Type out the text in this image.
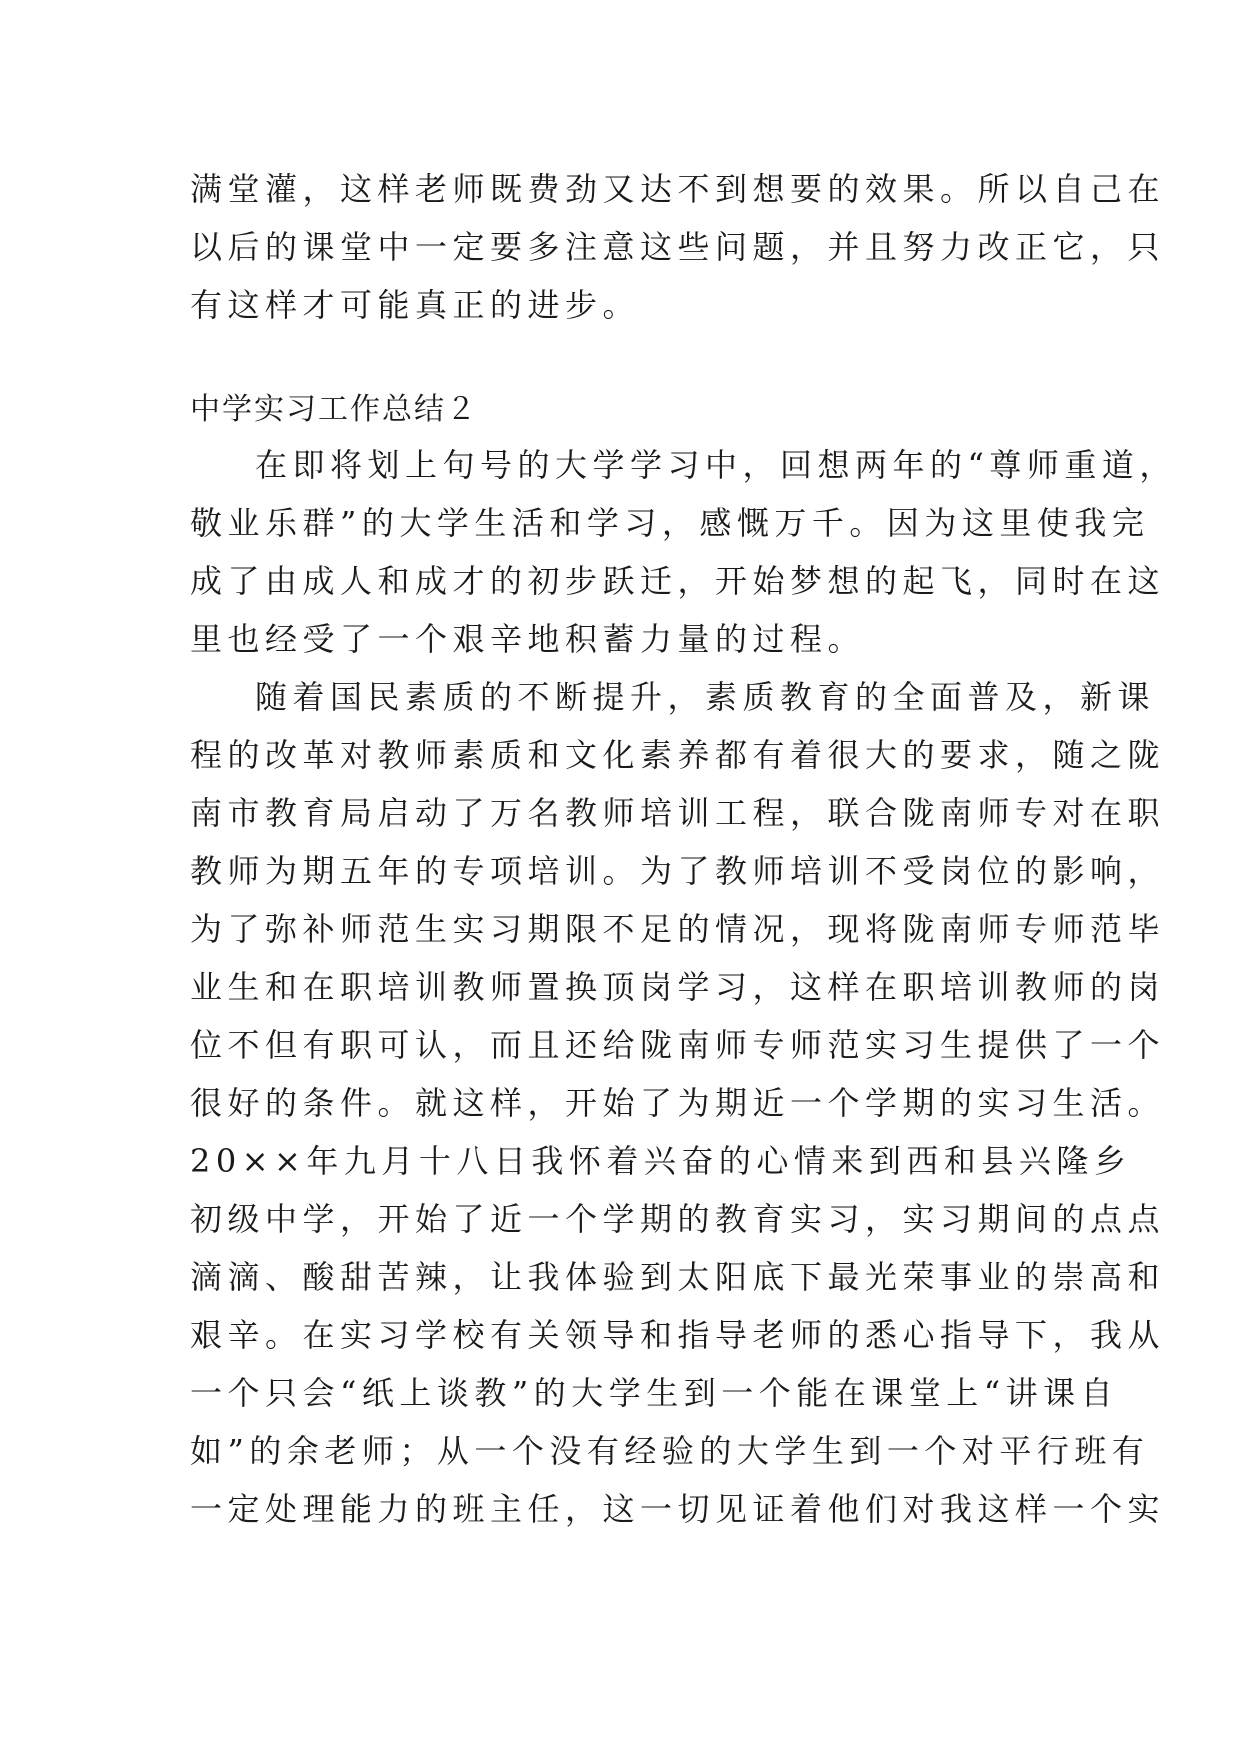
满堂灌，这样老师既费劲又达不到想要的效果。所以自己在
以后的课堂中一定要多注意这些问题，并且努力改正它，只
有这样才可能真正的进步。
中学实习工作总结２
在即将划上句号的大学学习中，回想两年的“尊师重道，
敬业乐群”的大学生活和学习，感慨万千。因为这里使我完
成了由成人和成才的初步跃迁，开始梦想的起飞，同时在这
里也经受了一个艰辛地积蓄力量的过程。
随着国民素质的不断提升，素质教育的全面普及，新课
程的改革对教师素质和文化素养都有着很大的要求，随之陇
南市教育局启动了万名教师培训工程，联合陇南师专对在职
教师为期五年的专项培训。为了教师培训不受岗位的影响，
为了弥补师范生实习期限不足的情况，现将陇南师专师范毕
业生和在职培训教师置换顶岗学习，这样在职培训教师的岗
位不但有职可认，而且还给陇南师专师范实习生提供了一个
很好的条件。就这样，开始了为期近一个学期的实习生活。
20××年九月十八日我怀着兴奋的心情来到西和县兴隆乡
初级中学，开始了近一个学期的教育实习，实习期间的点点
滴滴、酸甜苦辣，让我体验到太阳底下最光荣事业的崇高和
艰辛。在实习学校有关领导和指导老师的悉心指导下，我从
一个只会“纸上谈教”的大学生到一个能在课堂上“讲课自
如”的余老师；从一个没有经验的大学生到一个对平行班有
一定处理能力的班主任，这一切见证着他们对我这样一个实
